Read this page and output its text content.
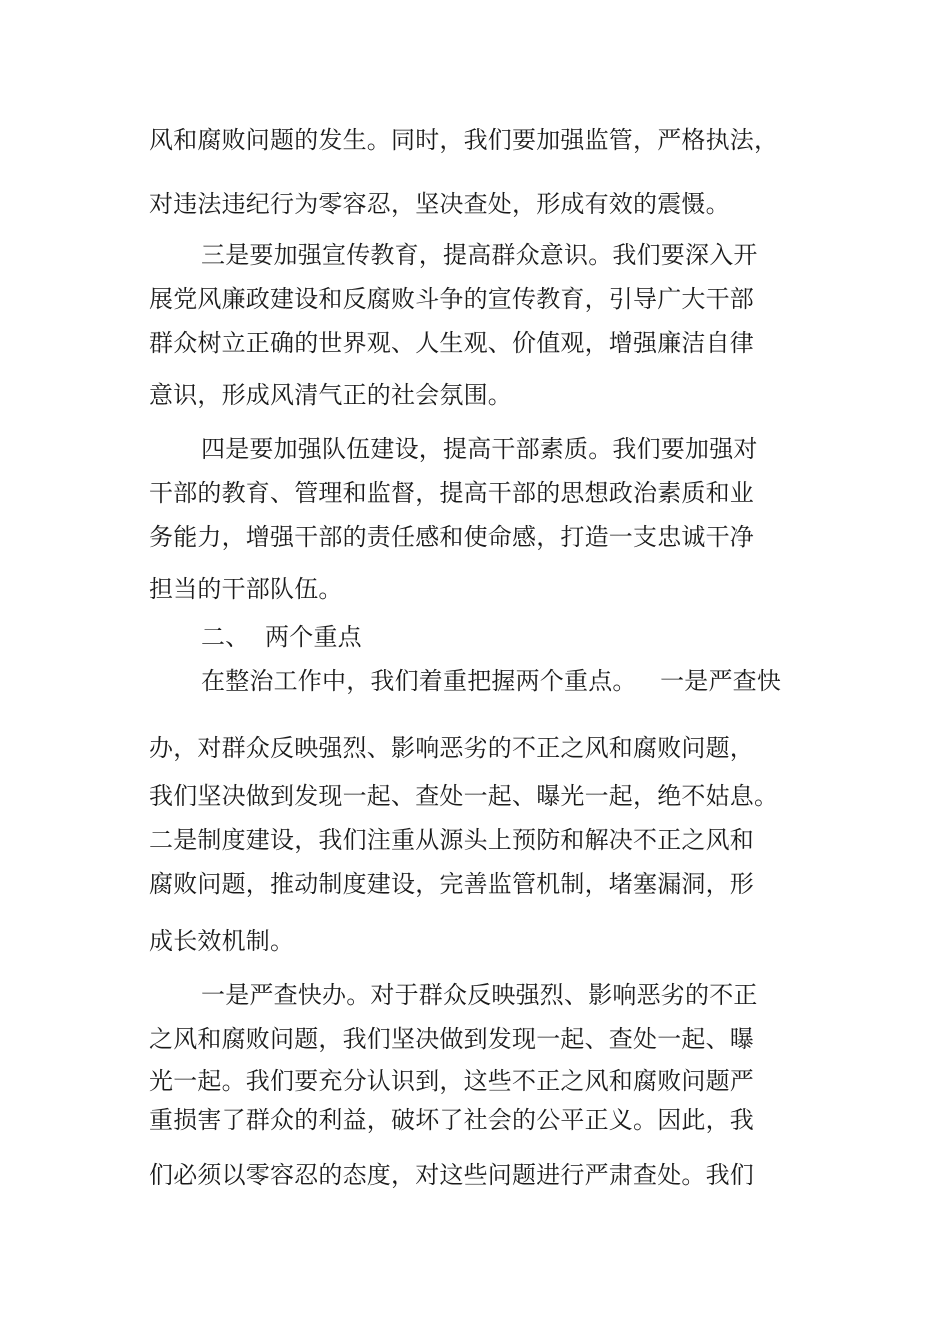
风和腐败问题的发生。同时，我们要加强监管，严格执法，

对违法违纪行为零容忍，坚决查处，形成有效的震慑。

三是要加强宣传教育，提高群众意识。我们要深入开

展党风廉政建设和反腐败斗争的宣传教育，引导广大干部

群众树立正确的世界观、人生观、价值观，增强廉洁自律

意识，形成风清气正的社会氛围。

四是要加强队伍建设，提高干部素质。我们要加强对

干部的教育、管理和监督，提高干部的思想政治素质和业

务能力，增强干部的责任感和使命感，打造一支忠诚干净

担当的干部队伍。

二、  两个重点

在整治工作中，我们着重把握两个重点。   一是严查快

办，对群众反映强烈、影响恶劣的不正之风和腐败问题，

我们坚决做到发现一起、查处一起、曝光一起，绝不姑息。

二是制度建设，我们注重从源头上预防和解决不正之风和

腐败问题，推动制度建设，完善监管机制，堵塞漏洞，形

成长效机制。

一是严查快办。对于群众反映强烈、影响恶劣的不正

之风和腐败问题，我们坚决做到发现一起、查处一起、曝

光一起。我们要充分认识到，这些不正之风和腐败问题严

重损害了群众的利益，破坏了社会的公平正义。因此，我

们必须以零容忍的态度，对这些问题进行严肃查处。我们
